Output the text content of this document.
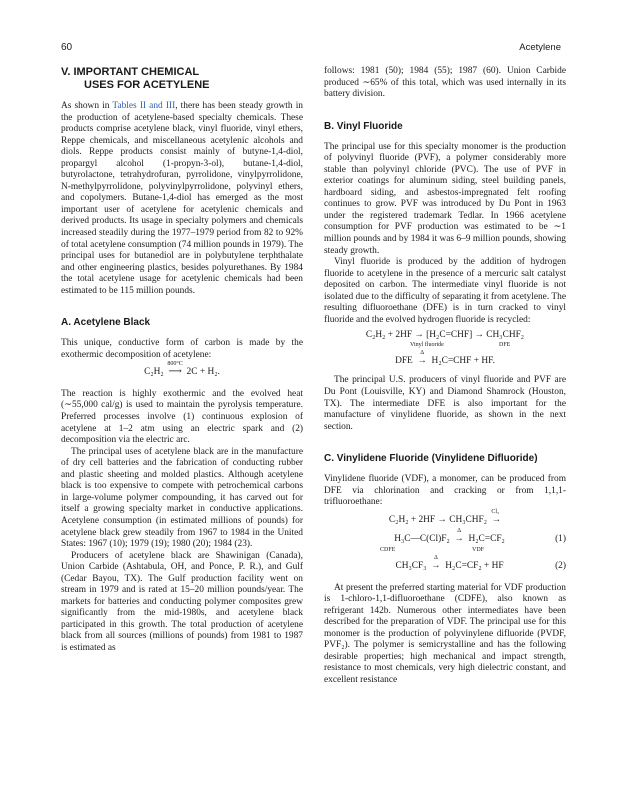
60	Acetylene
V. IMPORTANT CHEMICAL
USES FOR ACETYLENE

As shown in Tables II and III, there has been steady growth in the production of acetylene-based specialty chemicals. These products comprise acetylene black, vinyl fluoride, vinyl ethers, Reppe chemicals, and miscellaneous acetylenic alcohols and diols. Reppe products consist mainly of butyne-1,4-diol, propargyl alcohol (1-propyn-3-ol), butane-1,4-diol, butyrolactone, tetrahydrofuran, pyrrolidone, vinylpyrrolidone, N-methylpyrrolidone, polyvinylpyrrolidone, polyvinyl ethers, and copolymers. Butane-1,4-diol has emerged as the most important user of acetylene for acetylenic chemicals and derived products. Its usage in specialty polymers and chemicals increased steadily during the 1977–1979 period from 82 to 92% of total acetylene consumption (74 million pounds in 1979). The principal uses for butanediol are in polybutylene terphthalate and other engineering plastics, besides polyurethanes. By 1984 the total acetylene usage for acetylenic chemicals had been estimated to be 115 million pounds.

A. Acetylene Black

This unique, conductive form of carbon is made by the exothermic decomposition of acetylene:

C₂H₂
800°C
⟶  2C + H₂.

The reaction is highly exothermic and the evolved heat (∼55,000 cal/g) is used to maintain the pyrolysis temperature. Preferred processes involve (1) continuous explosion of acetylene at 1–2 atm using an electric spark and (2) decomposition via the electric arc.

The principal uses of acetylene black are in the manufacture of dry cell batteries and the fabrication of conducting rubber and plastic sheeting and molded plastics. Although acetylene black is too expensive to compete with petrochemical carbons in large-volume polymer compounding, it has carved out for itself a growing specialty market in conductive applications. Acetylene consumption (in estimated millions of pounds) for acetylene black grew steadily from 1967 to 1984 in the United States: 1967 (10); 1979 (19); 1980 (20); 1984 (23).

Producers of acetylene black are Shawinigan (Canada), Union Carbide (Ashtabula, OH, and Ponce, P. R.), and Gulf (Cedar Bayou, TX). The Gulf production facility went on stream in 1979 and is rated at 15–20 million pounds/year. The markets for batteries and conducting polymer composites grew significantly from the mid-1980s, and acetylene black participated in this growth. The total production of acetylene black from all sources (millions of pounds) from 1981 to 1987 is estimated as

follows: 1981 (50); 1984 (55); 1987 (60). Union Carbide produced ∼65% of this total, which was used internally in its battery division.

B. Vinyl Fluoride

The principal use for this specialty monomer is the production of polyvinyl fluoride (PVF), a polymer considerably more stable than polyvinyl chloride (PVC). The use of PVF in exterior coatings for aluminum siding, steel building panels, hardboard siding, and asbestos-impregnated felt roofing continues to grow. PVF was introduced by Du Pont in 1963 under the registered trademark Tedlar. In 1966 acetylene consumption for PVF production was estimated to be ∼1 million pounds and by 1984 it was 6–9 million pounds, showing steady growth.

Vinyl fluoride is produced by the addition of hydrogen fluoride to acetylene in the presence of a mercuric salt catalyst deposited on carbon. The intermediate vinyl fluoride is not isolated due to the difficulty of separating it from acetylene. The resulting difluoroethane (DFE) is in turn cracked to vinyl fluoride and the evolved hydrogen fluoride is recycled:

C₂H₂ + 2HF → [H₂C=CHF] → CH₃CHF₂
Vinyl fluoride	DFE
DFE
Δ
→  H₂C=CHF + HF.

The principal U.S. producers of vinyl fluoride and PVF are Du Pont (Louisville, KY) and Diamond Shamrock (Houston, TX). The intermediate DFE is also important for the manufacture of vinylidene fluoride, as shown in the next section.

C. Vinylidene Fluoride (Vinylidene Difluoride)

Vinylidene fluoride (VDF), a monomer, can be produced from DFE via chlorination and cracking or from 1,1,1-trifluoroethane:

C₂H₂ + 2HF → CH₃CHF₂
Cl₂
→
H₃C—C(Cl)F₂
Δ
→  H₂C=CF₂	(1)
CDFE	VDF
CH₃CF₃
Δ
→  H₂C=CF₂ + HF	(2)

At present the preferred starting material for VDF production is 1-chloro-1,1-difluoroethane (CDFE), also known as refrigerant 142b. Numerous other intermediates have been described for the preparation of VDF. The principal use for this monomer is the production of polyvinylene difluoride (PVDF, PVF₂). The polymer is semicrystalline and has the following desirable properties; high mechanical and impact strength, resistance to most chemicals, very high dielectric constant, and excellent resistance
